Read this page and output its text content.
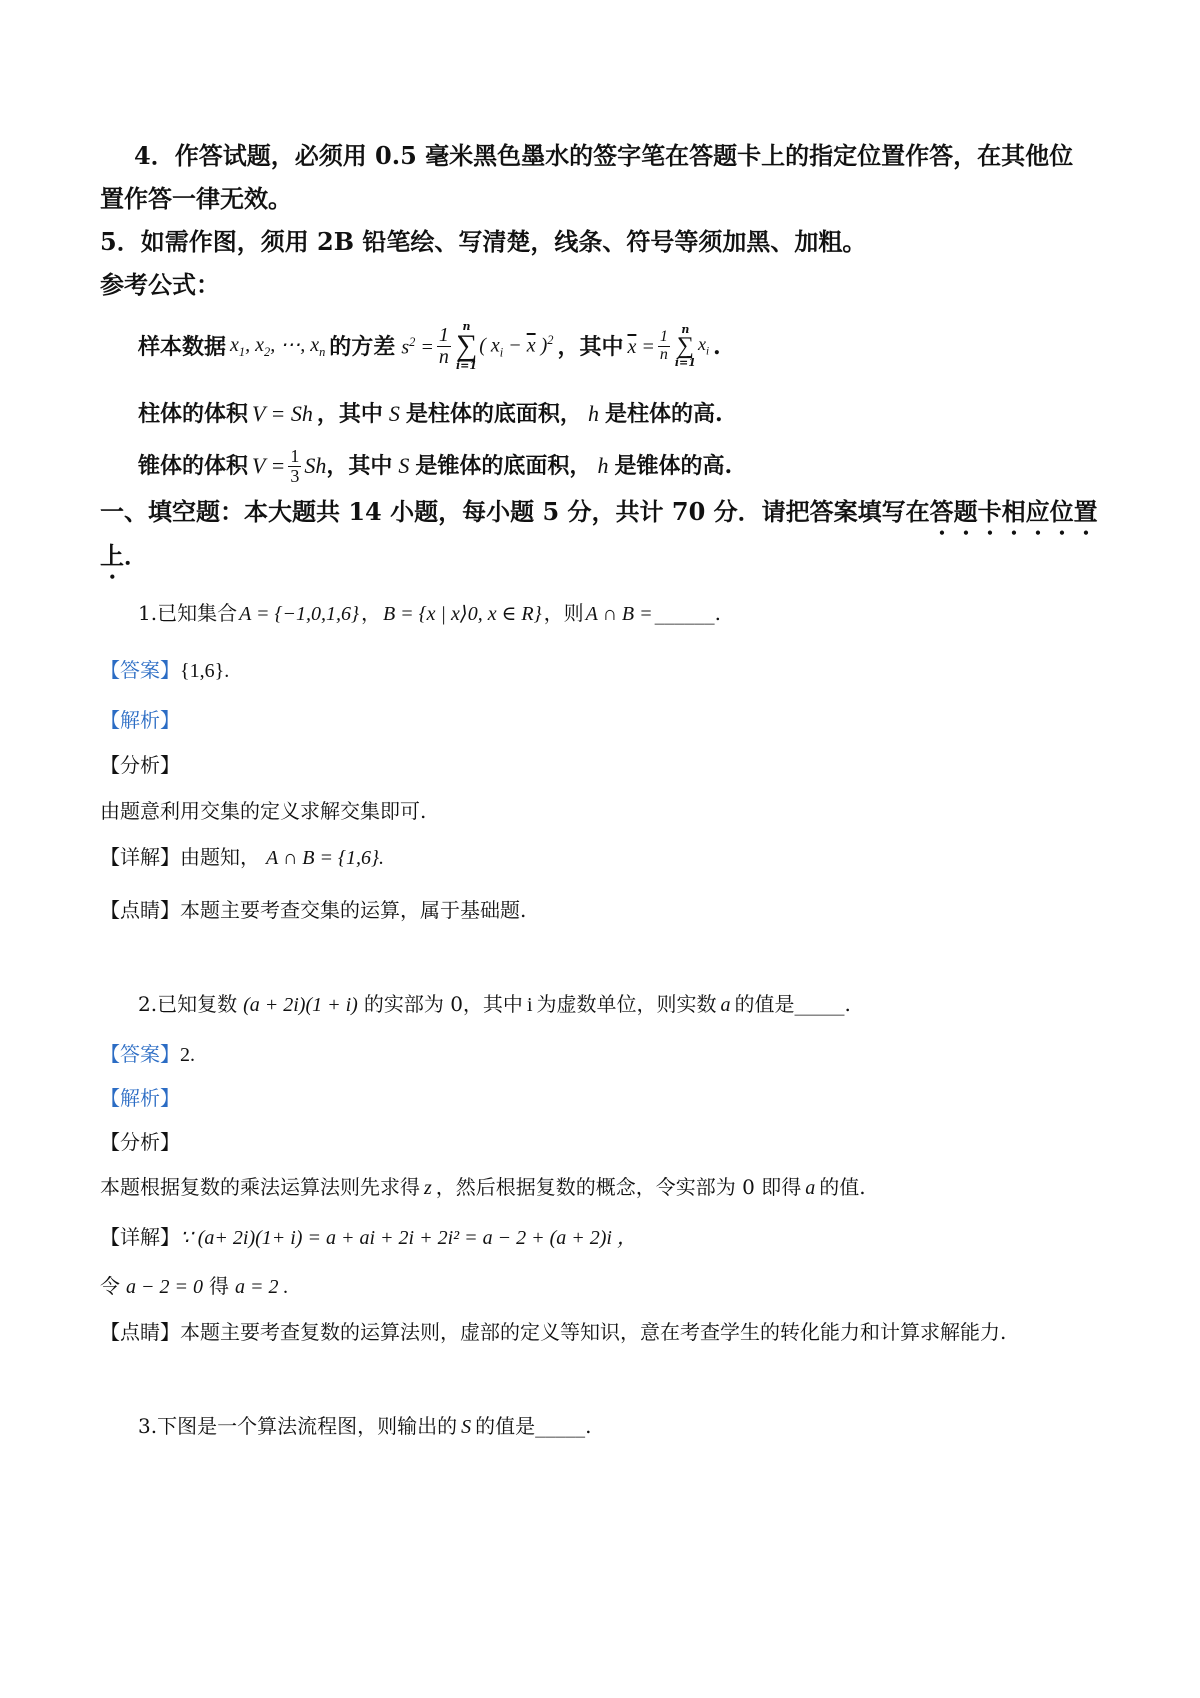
4．作答试题，必须用 0.5 毫米黑色墨水的签字笔在答题卡上的指定位置作答，在其他位
置作答一律无效。
5．如需作图，须用 2B 铅笔绘、写清楚，线条、符号等须加黑、加粗。
参考公式：
样本数据 $x_1$, $x_2$, ⋯, $x_n$ 的方差 $s^2 = \frac{1}{n}$	n
∑
i=1
( $x_i - \overline{x}$ )$^2$ ，其中 $\overline{x} = \frac{1}{n}$
n
∑
i=1
$x_i$ .
柱体的体积 V = Sh ，其中 S 是柱体的底面积， h 是柱体的高.
锥体的体积 $V = \frac{1}{3}$ Sh ，其中 S 是锥体的底面积， h 是锥体的高.
一、填空题：本大题共 14 小题，每小题 5 分，共计 70 分．请把答案填写在答题卡相应位置
上．
1.已知集合 A = {−1,0,1,6} ， B = {x | x⟩0, x ∈ R} ，则 A ∩ B = ______.
【答案】{1,6}.
【解析】
【分析】
由题意利用交集的定义求解交集即可.
【详解】由题知， A ∩ B = {1,6}.
【点睛】本题主要考查交集的运算，属于基础题.
2.已知复数 (a + 2i)(1 + i) 的实部为 0，其中 i 为虚数单位，则实数 a 的值是_____.
【答案】2.
【解析】
【分析】
本题根据复数的乘法运算法则先求得 z ，然后根据复数的概念，令实部为 0 即得 a 的值.
【详解】∵ (a+ 2i)(1+ i) = a + ai + 2i + 2i² = a − 2 + (a + 2)i ，
令 a − 2 = 0 得 a = 2 .
【点睛】本题主要考查复数的运算法则，虚部的定义等知识，意在考查学生的转化能力和计算求解能力.
3.下图是一个算法流程图，则输出的 S 的值是_____.
